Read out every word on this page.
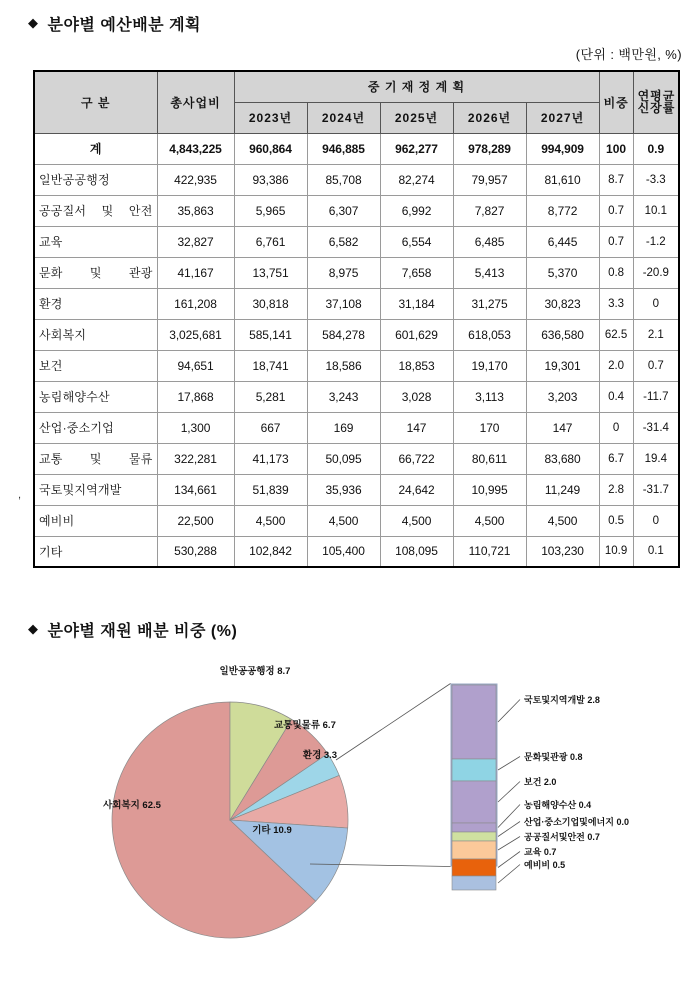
◆ 분야별 예산배분 계획
(단위 : 백만원, %)
구 분	총사업비	중 기 재 정 계 획					비중	연평균
신장률
		2023년	2024년	2025년	2026년	2027년		
계	4,843,225	960,864	946,885	962,277	978,289	994,909	100	0.9
일반공공행정	422,935	93,386	85,708	82,274	79,957	81,610	8.7	-3.3
공공질서 및 안전	35,863	5,965	6,307	6,992	7,827	8,772	0.7	10.1
교육	32,827	6,761	6,582	6,554	6,485	6,445	0.7	-1.2
문화 및 관광	41,167	13,751	8,975	7,658	5,413	5,370	0.8	-20.9
환경	161,208	30,818	37,108	31,184	31,275	30,823	3.3	0
사회복지	3,025,681	585,141	584,278	601,629	618,053	636,580	62.5	2.1
보건	94,651	18,741	18,586	18,853	19,170	19,301	2.0	0.7
농림해양수산	17,868	5,281	3,243	3,028	3,113	3,203	0.4	-11.7
산업·중소기업	1,300	667	169	147	170	147	0	-31.4
교통 및 물류	322,281	41,173	50,095	66,722	80,611	83,680	6.7	19.4
국토및지역개발	134,661	51,839	35,936	24,642	10,995	11,249	2.8	-31.7
예비비	22,500	4,500	4,500	4,500	4,500	4,500	0.5	0
기타	530,288	102,842	105,400	108,095	110,721	103,230	10.9	0.1
,
◆ 분야별 재원 배분 비중 (%)
사회복지 62.5
일반공공행정 8.7
교통및물류 6.7
환경 3.3
기타 10.9
국토및지역개발 2.8
문화및관광 0.8
보건 2.0
농림해양수산 0.4
산업·중소기업및에너지 0.0
공공질서및안전 0.7
교육 0.7
예비비 0.5
